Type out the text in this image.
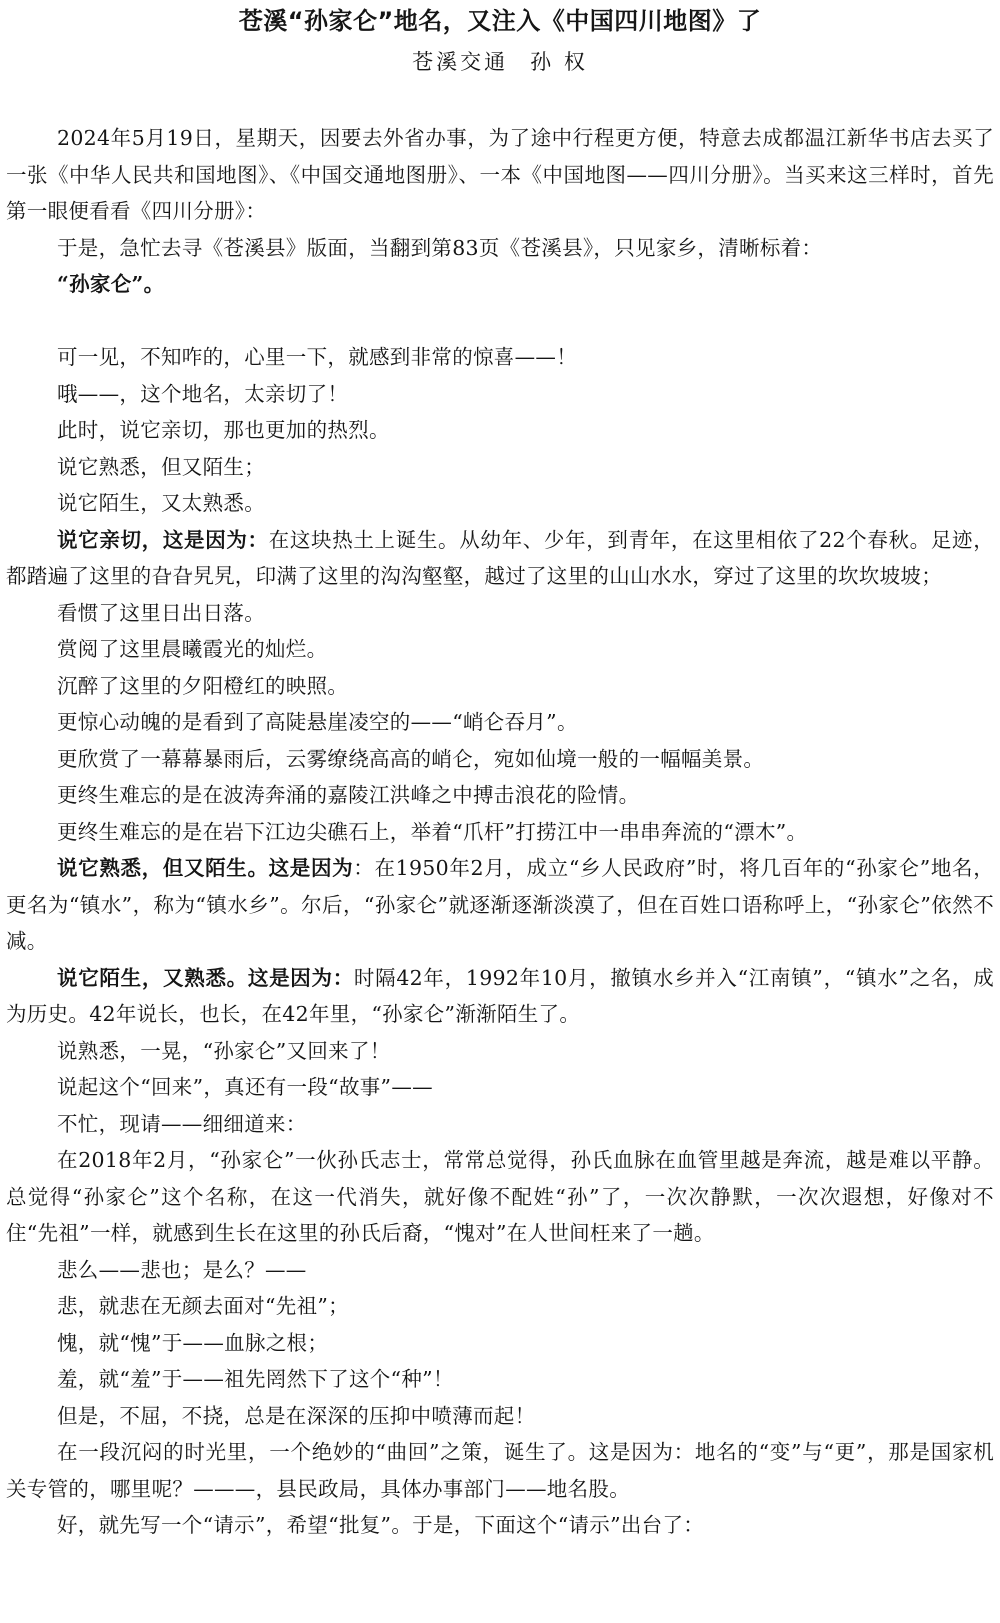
苍溪“孙家仑”地名，又注入《中国四川地图》了
苍溪交通 孙 权

2024年5月19日，星期天，因要去外省办事，为了途中行程更方便，特意去成都温江新华书店去买了一张《中华人民共和国地图》、《中国交通地图册》、一本《中国地图——四川分册》。当买来这三样时，首先第一眼便看看《四川分册》：

于是，急忙去寻《苍溪县》版面，当翻到第83页《苍溪县》，只见家乡，清晰标着：

“孙家仑”。

可一见，不知咋的，心里一下，就感到非常的惊喜——！

哦——，这个地名，太亲切了！

此时，说它亲切，那也更加的热烈。

说它熟悉，但又陌生；

说它陌生，又太熟悉。

说它亲切，这是因为：在这块热土上诞生。从幼年、少年，到青年，在这里相依了22个春秋。足迹，都踏遍了这里的旮旮旯旯，印满了这里的沟沟壑壑，越过了这里的山山水水，穿过了这里的坎坎坡坡；

看惯了这里日出日落。

赏阅了这里晨曦霞光的灿烂。

沉醉了这里的夕阳橙红的映照。

更惊心动魄的是看到了高陡悬崖凌空的——“峭仑吞月”。

更欣赏了一幕幕暴雨后，云雾缭绕高高的峭仑，宛如仙境一般的一幅幅美景。

更终生难忘的是在波涛奔涌的嘉陵江洪峰之中搏击浪花的险情。

更终生难忘的是在岩下江边尖礁石上，举着“爪杆”打捞江中一串串奔流的“漂木”。

说它熟悉，但又陌生。这是因为：在1950年2月，成立“乡人民政府”时，将几百年的“孙家仑”地名，更名为“镇水”，称为“镇水乡”。尔后，“孙家仑”就逐渐逐渐淡漠了，但在百姓口语称呼上，“孙家仑”依然不减。

说它陌生，又熟悉。这是因为：时隔42年，1992年10月，撤镇水乡并入“江南镇”，“镇水”之名，成为历史。42年说长，也长，在42年里，“孙家仑”渐渐陌生了。

说熟悉，一晃，“孙家仑”又回来了！

说起这个“回来”，真还有一段“故事”——

不忙，现请——细细道来：

在2018年2月，“孙家仑”一伙孙氏志士，常常总觉得，孙氏血脉在血管里越是奔流，越是难以平静。总觉得“孙家仑”这个名称，在这一代消失，就好像不配姓“孙”了，一次次静默，一次次遐想，好像对不住“先祖”一样，就感到生长在这里的孙氏后裔，“愧对”在人世间枉来了一趟。

悲么——悲也；是么？——

悲，就悲在无颜去面对“先祖”；

愧，就“愧”于——血脉之根；

羞，就“羞”于——祖先罔然下了这个“种”！

但是，不屈，不挠，总是在深深的压抑中喷薄而起！

在一段沉闷的时光里，一个绝妙的“曲回”之策，诞生了。这是因为：地名的“变”与“更”，那是国家机关专管的，哪里呢？———，县民政局，具体办事部门——地名股。

好，就先写一个“请示”，希望“批复”。于是，下面这个“请示”出台了：
